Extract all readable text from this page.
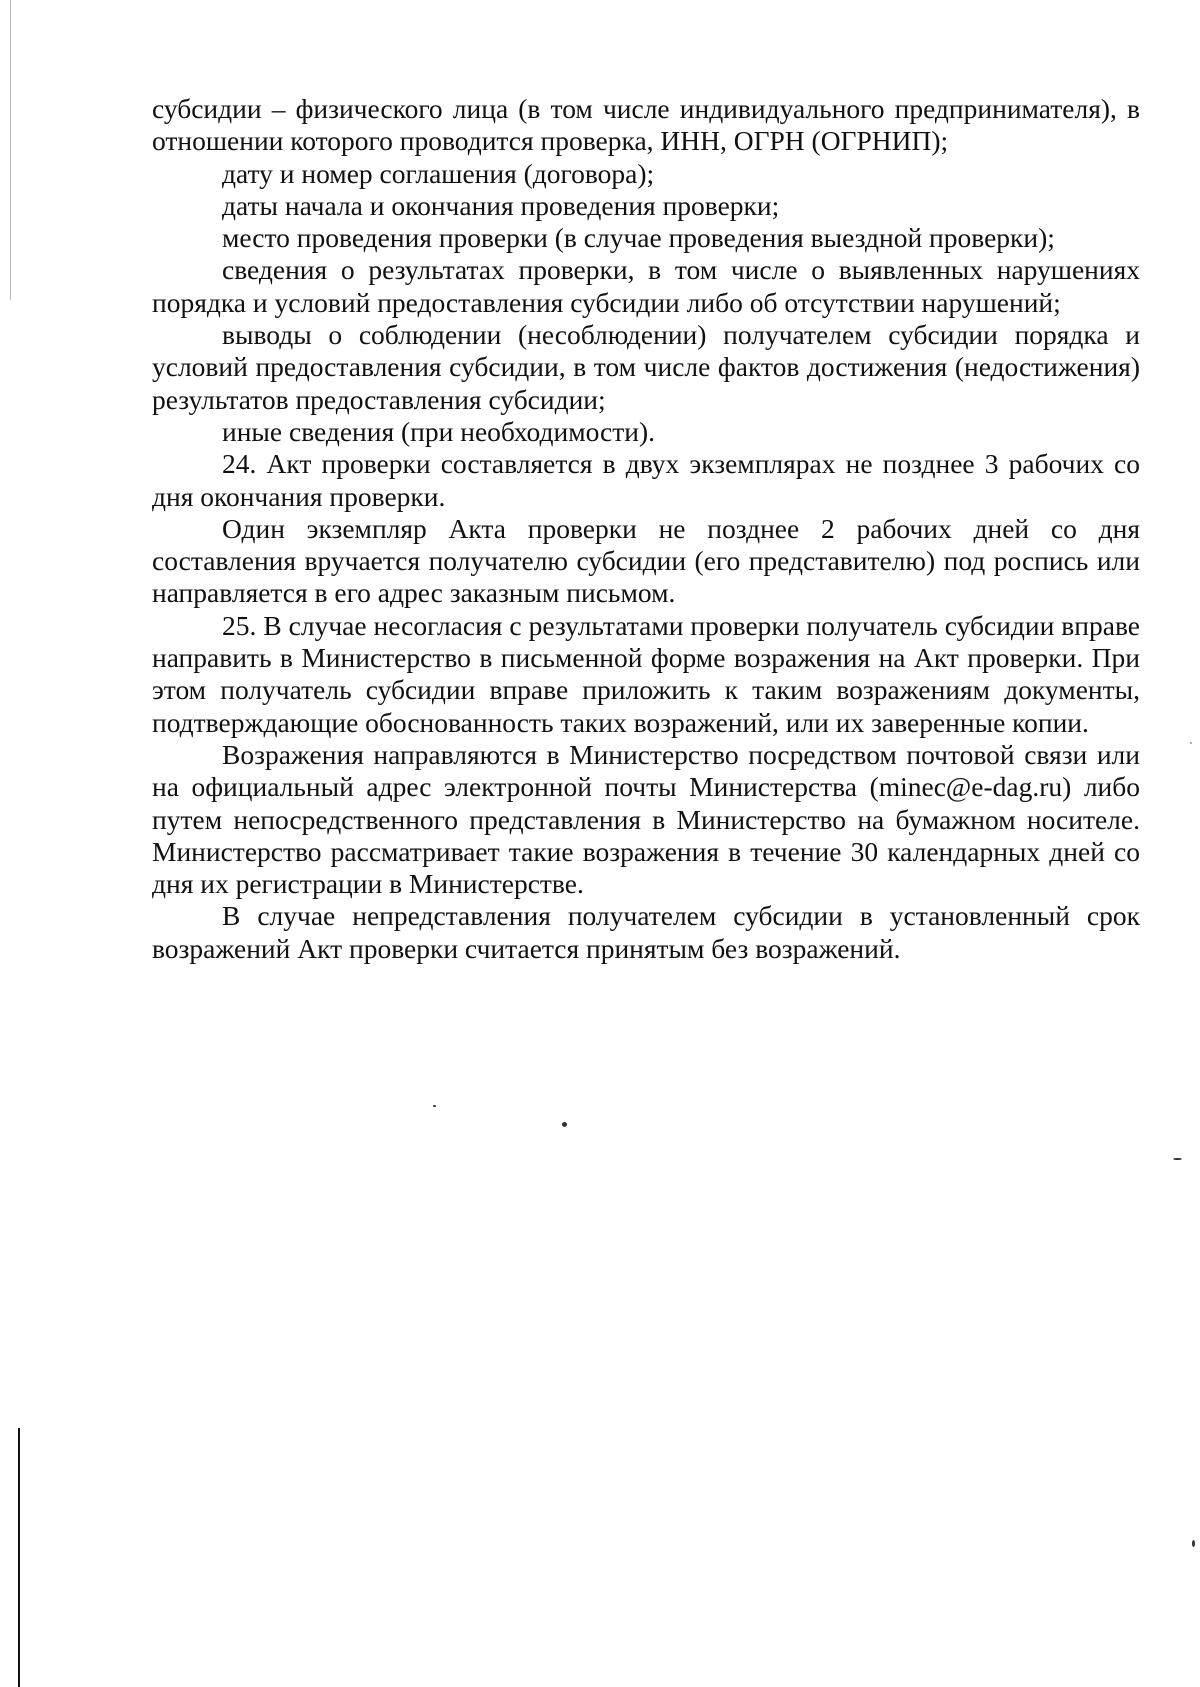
субсидии – физического лица (в том числе индивидуального предпринимателя), в отношении которого проводится проверка, ИНН, ОГРН (ОГРНИП);

дату и номер соглашения (договора);

даты начала и окончания проведения проверки;

место проведения проверки (в случае проведения выездной проверки);

сведения о результатах проверки, в том числе о выявленных нарушениях порядка и условий предоставления субсидии либо об отсутствии нарушений;

выводы о соблюдении (несоблюдении) получателем субсидии порядка и условий предоставления субсидии, в том числе фактов достижения (недостижения) результатов предоставления субсидии;

иные сведения (при необходимости).

24. Акт проверки составляется в двух экземплярах не позднее 3 рабочих со дня окончания проверки.

Один экземпляр Акта проверки не позднее 2 рабочих дней со дня составления вручается получателю субсидии (его представителю) под роспись или направляется в его адрес заказным письмом.

25. В случае несогласия с результатами проверки получатель субсидии вправе направить в Министерство в письменной форме возражения на Акт проверки. При этом получатель субсидии вправе приложить к таким возражениям документы, подтверждающие обоснованность таких возражений, или их заверенные копии.

Возражения направляются в Министерство посредством почтовой связи или на официальный адрес электронной почты Министерства (minec@e-dag.ru) либо путем непосредственного представления в Министерство на бумажном носителе. Министерство рассматривает такие возражения в течение 30 календарных дней со дня их регистрации в Министерстве.

В случае непредставления получателем субсидии в установленный срок возражений Акт проверки считается принятым без возражений.
